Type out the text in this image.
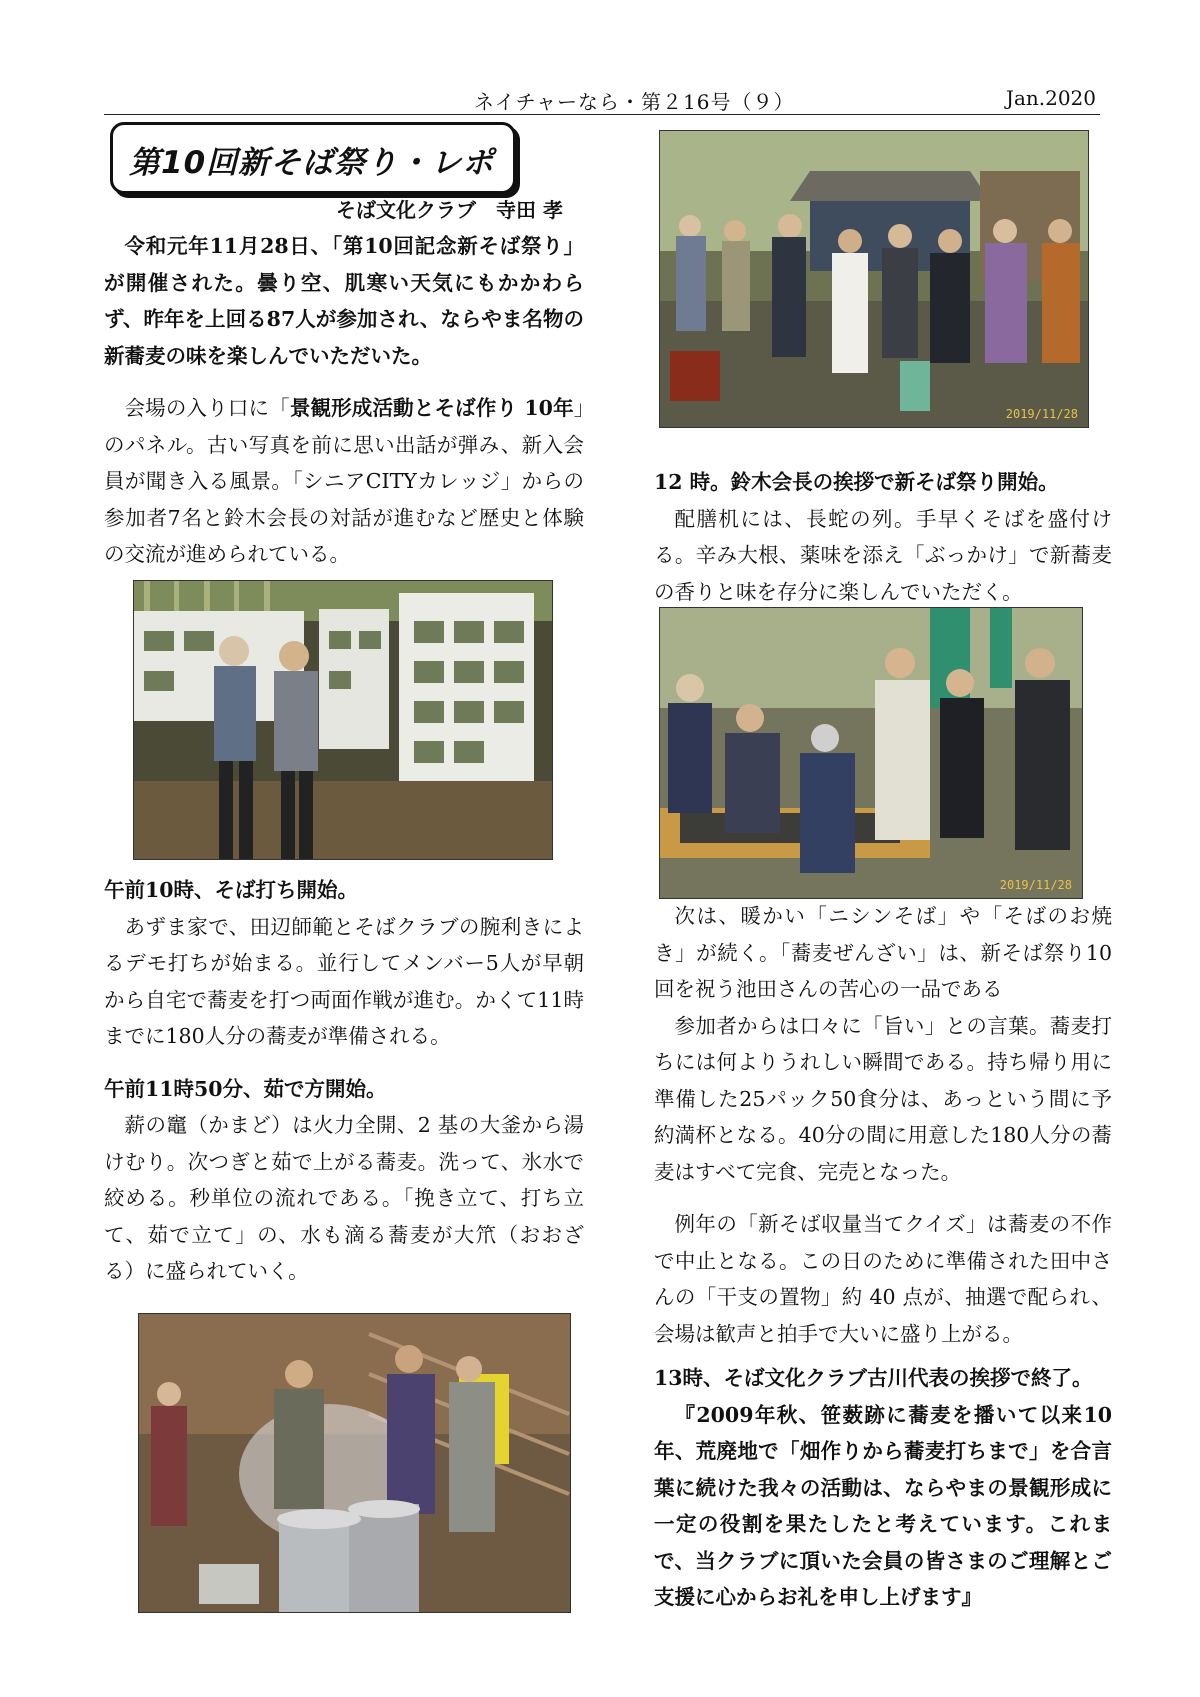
ネイチャーなら・第２16号（９）	Jan.2020
第10回新そば祭り・レポ
そば文化クラブ　寺田 孝

令和元年11月28日、「第10回記念新そば祭り」が開催された。曇り空、肌寒い天気にもかかわらず、昨年を上回る87人が参加され、ならやま名物の新蕎麦の味を楽しんでいただいた。

会場の入り口に「景観形成活動とそば作り 10年」のパネル。古い写真を前に思い出話が弾み、新入会員が聞き入る風景。「シニアCITYカレッジ」からの参加者7名と鈴木会長の対話が進むなど歴史と体験の交流が進められている。

午前10時、そば打ち開始。

あずま家で、田辺師範とそばクラブの腕利きによるデモ打ちが始まる。並行してメンバー5人が早朝から自宅で蕎麦を打つ両面作戦が進む。かくて11時までに180人分の蕎麦が準備される。

午前11時50分、茹で方開始。

薪の竈（かまど）は火力全開、2 基の大釜から湯けむり。次つぎと茹で上がる蕎麦。洗って、氷水で絞める。秒単位の流れである。「挽き立て、打ち立て、茹で立て」の、水も滴る蕎麦が大笊（おおざる）に盛られていく。

2019/11/28
12 時。鈴木会長の挨拶で新そば祭り開始。

配膳机には、長蛇の列。手早くそばを盛付ける。辛み大根、薬味を添え「ぶっかけ」で新蕎麦の香りと味を存分に楽しんでいただく。

2019/11/28

次は、暖かい「ニシンそば」や「そばのお焼き」が続く。「蕎麦ぜんざい」は、新そば祭り10回を祝う池田さんの苦心の一品である

参加者からは口々に「旨い」との言葉。蕎麦打ちには何よりうれしい瞬間である。持ち帰り用に準備した25パック50食分は、あっという間に予約満杯となる。40分の間に用意した180人分の蕎麦はすべて完食、完売となった。

例年の「新そば収量当てクイズ」は蕎麦の不作で中止となる。この日のために準備された田中さんの「干支の置物」約 40 点が、抽選で配られ、会場は歓声と拍手で大いに盛り上がる。

13時、そば文化クラブ古川代表の挨拶で終了。

『2009年秋、笹薮跡に蕎麦を播いて以来10年、荒廃地で「畑作りから蕎麦打ちまで」を合言葉に続けた我々の活動は、ならやまの景観形成に一定の役割を果たしたと考えています。これまで、当クラブに頂いた会員の皆さまのご理解とご支援に心からお礼を申し上げます』
